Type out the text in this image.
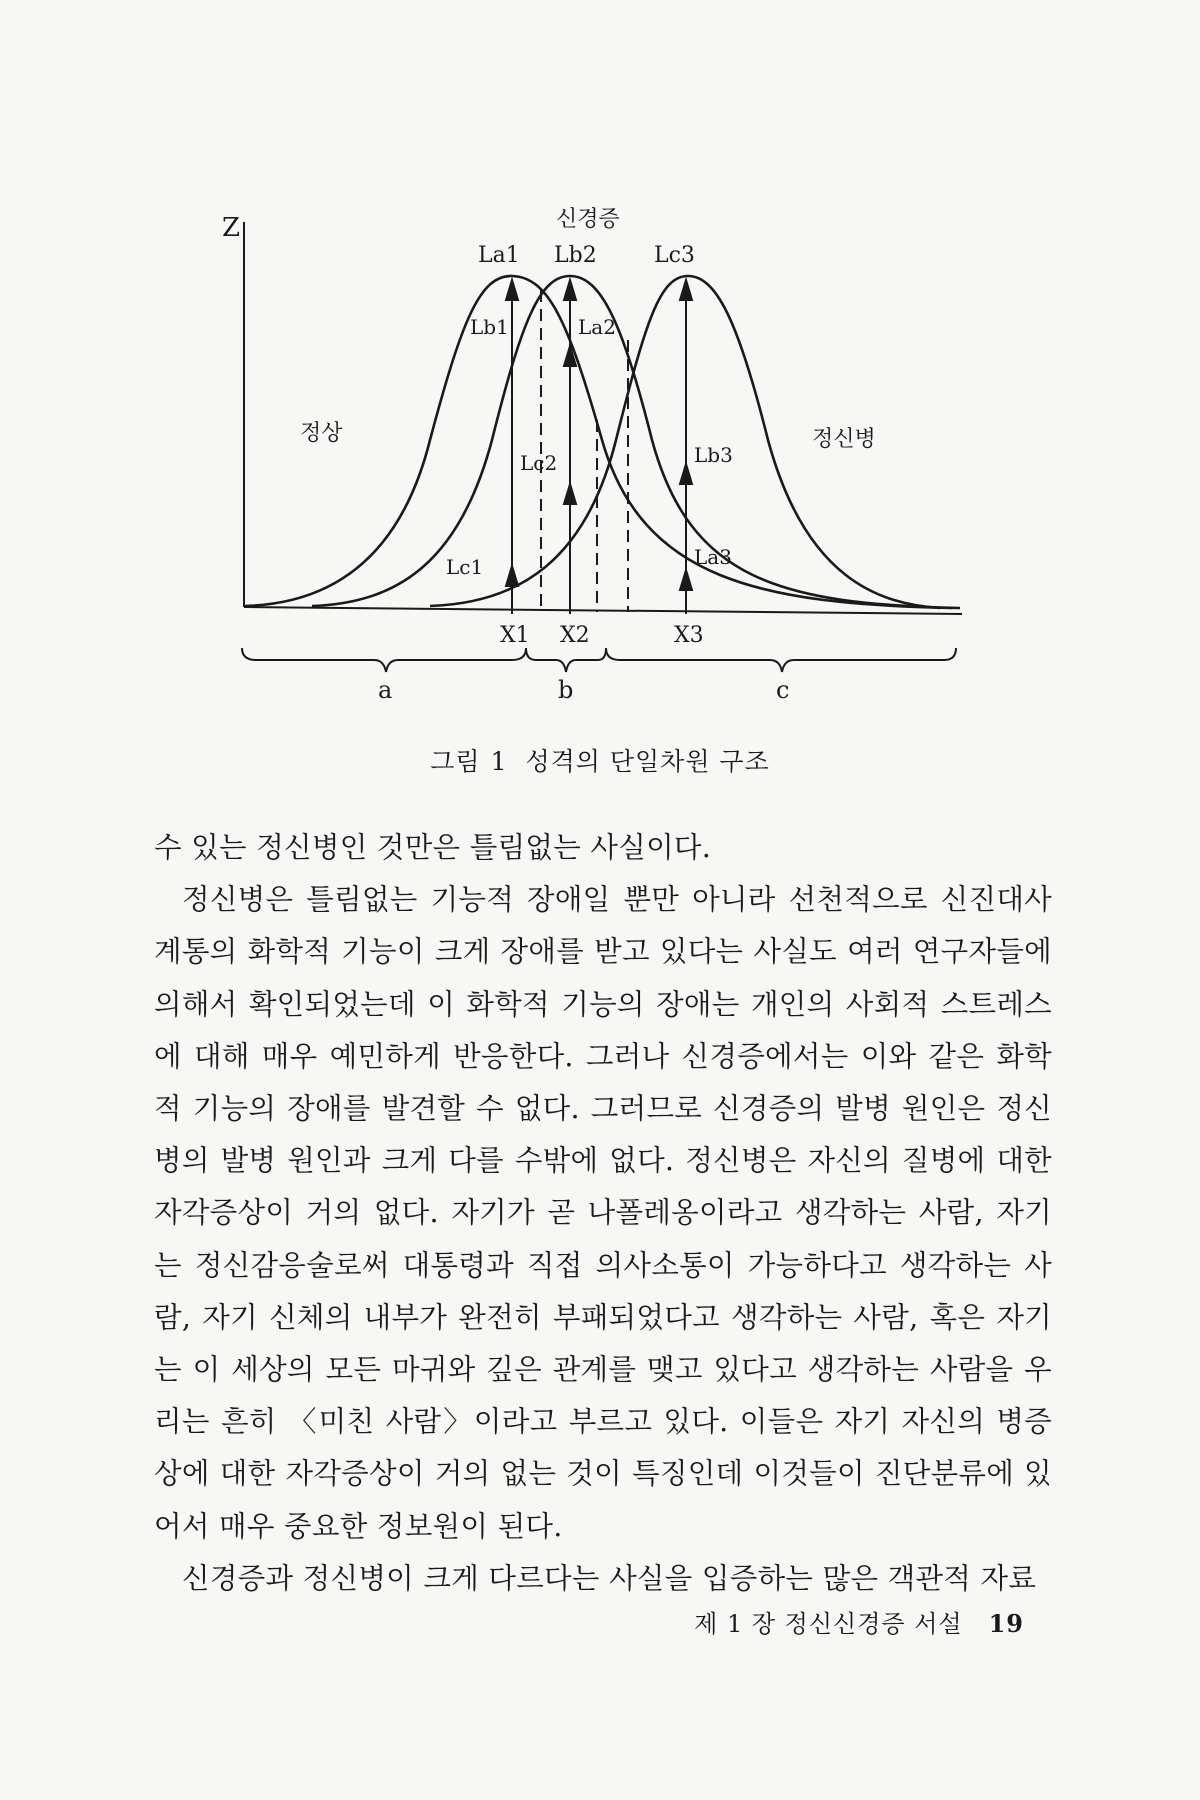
Z	신경증
정상	정신병
La1 Lb2	Lc3
Lb1	La2
Lc2	Lb3
Lc1	La3
X1 X2	X3
a	b	c
그림 1 성격의 단일차원 구조

수 있는 정신병인 것만은 틀림없는 사실이다.

정신병은 틀림없는 기능적 장애일 뿐만 아니라 선천적으로 신진대사계통의 화학적 기능이 크게 장애를 받고 있다는 사실도 여러 연구자들에 의해서 확인되었는데 이 화학적 기능의 장애는 개인의 사회적 스트레스에 대해 매우 예민하게 반응한다. 그러나 신경증에서는 이와 같은 화학적 기능의 장애를 발견할 수 없다. 그러므로 신경증의 발병 원인은 정신병의 발병 원인과 크게 다를 수밖에 없다. 정신병은 자신의 질병에 대한 자각증상이 거의 없다. 자기가 곧 나폴레옹이라고 생각하는 사람, 자기는 정신감응술로써 대통령과 직접 의사소통이 가능하다고 생각하는 사람, 자기 신체의 내부가 완전히 부패되었다고 생각하는 사람, 혹은 자기는 이 세상의 모든 마귀와 깊은 관계를 맺고 있다고 생각하는 사람을 우리는 흔히 〈미친 사람〉이라고 부르고 있다. 이들은 자기 자신의 병증상에 대한 자각증상이 거의 없는 것이 특징인데 이것들이 진단분류에 있어서 매우 중요한 정보원이 된다.

신경증과 정신병이 크게 다르다는 사실을 입증하는 많은 객관적 자료

제 1 장 정신신경증 서설 19
